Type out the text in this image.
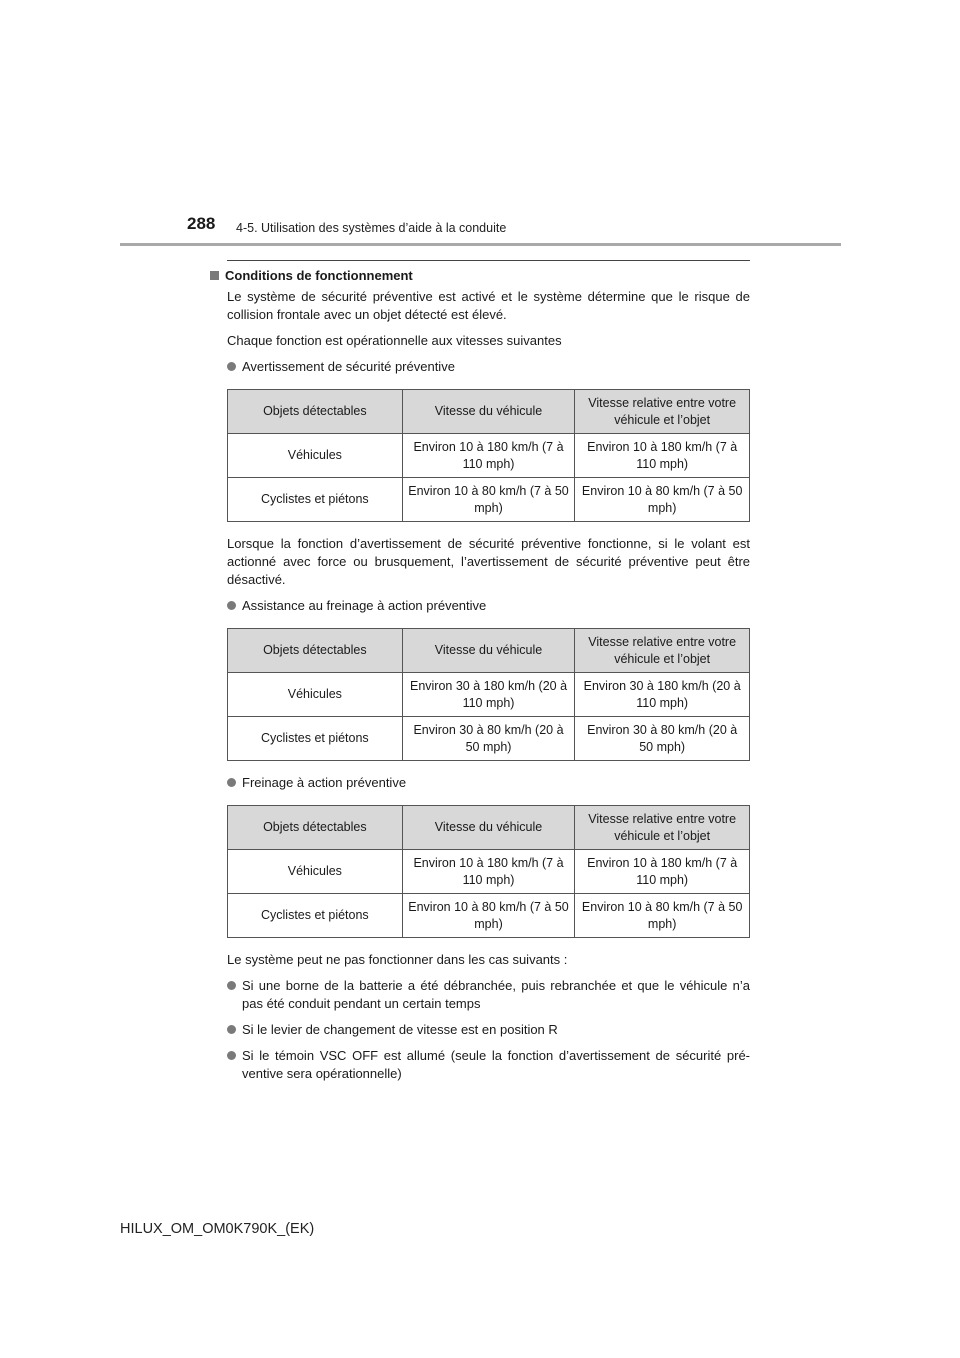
288 4-5. Utilisation des systèmes d’aide à la conduite
Conditions de fonctionnement

Le système de sécurité préventive est activé et le système détermine que le risque de collision frontale avec un objet détecté est élevé.

Chaque fonction est opérationnelle aux vitesses suivantes

Avertissement de sécurité préventive
Objets détectables	Vitesse du véhicule	Vitesse relative entre votre véhicule et l’objet
Véhicules	Environ 10 à 180 km/h (7 à 110 mph)	Environ 10 à 180 km/h (7 à 110 mph)
Cyclistes et piétons	Environ 10 à 80 km/h (7 à 50 mph)	Environ 10 à 80 km/h (7 à 50 mph)

Lorsque la fonction d’avertissement de sécurité préventive fonctionne, si le volant est actionné avec force ou brusquement, l’avertissement de sécurité préventive peut être désactivé.

Assistance au freinage à action préventive
Objets détectables	Vitesse du véhicule	Vitesse relative entre votre véhicule et l’objet
Véhicules	Environ 30 à 180 km/h (20 à 110 mph)	Environ 30 à 180 km/h (20 à 110 mph)
Cyclistes et piétons	Environ 30 à 80 km/h (20 à 50 mph)	Environ 30 à 80 km/h (20 à 50 mph)
Freinage à action préventive
Objets détectables	Vitesse du véhicule	Vitesse relative entre votre véhicule et l’objet
Véhicules	Environ 10 à 180 km/h (7 à 110 mph)	Environ 10 à 180 km/h (7 à 110 mph)
Cyclistes et piétons	Environ 10 à 80 km/h (7 à 50 mph)	Environ 10 à 80 km/h (7 à 50 mph)

Le système peut ne pas fonctionner dans les cas suivants :

Si une borne de la batterie a été débranchée, puis rebranchée et que le véhicule n’a pas été conduit pendant un certain temps
Si le levier de changement de vitesse est en position R
Si le témoin VSC OFF est allumé (seule la fonction d’avertissement de sécurité pré-ventive sera opérationnelle)
HILUX_OM_OM0K790K_(EK)
